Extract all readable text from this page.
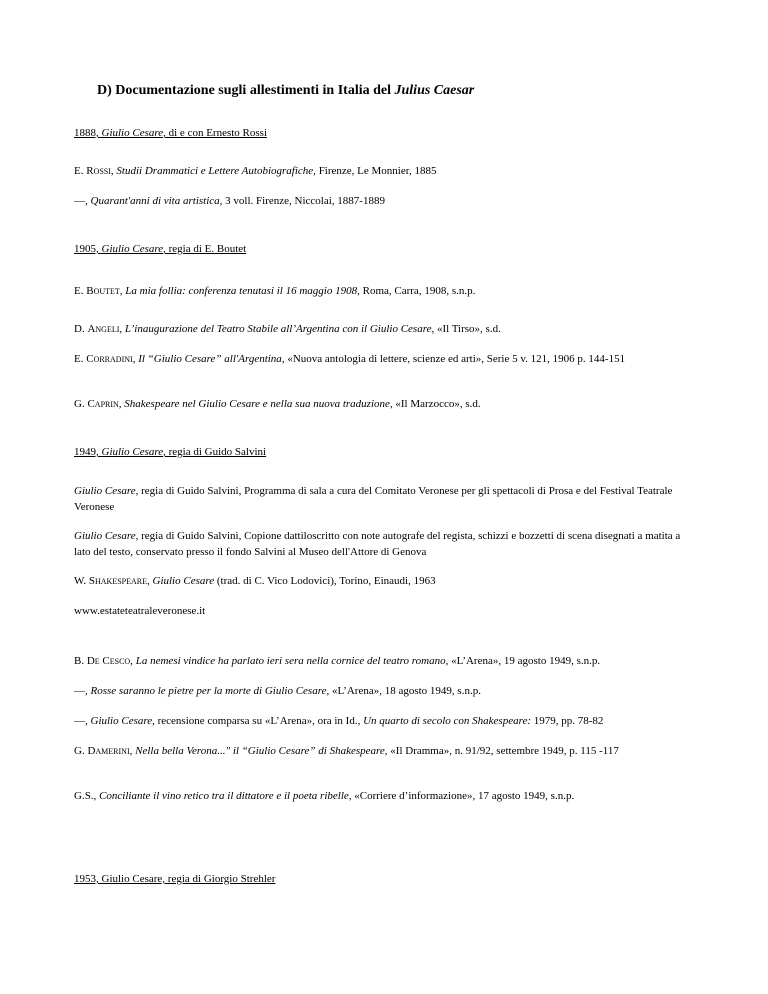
D) Documentazione sugli allestimenti in Italia del Julius Caesar
1888, Giulio Cesare, di e con Ernesto Rossi
E. Rossi, Studii Drammatici e Lettere Autobiografiche, Firenze, Le Monnier, 1885
—, Quarant'anni di vita artistica, 3 voll. Firenze, Niccolai, 1887-1889
1905, Giulio Cesare, regia di E. Boutet
E. Boutet, La mia follia: conferenza tenutasi il 16 maggio 1908, Roma, Carra, 1908, s.n.p.
D. Angeli, L’inaugurazione del Teatro Stabile all’Argentina con il Giulio Cesare, «Il Tirso», s.d.
E. Corradini, Il “Giulio Cesare” all'Argentina, «Nuova antologia di lettere, scienze ed arti», Serie 5 v. 121, 1906 p. 144-151
G. Caprin, Shakespeare nel Giulio Cesare e nella sua nuova traduzione, «Il Marzocco», s.d.
1949, Giulio Cesare, regia di Guido Salvini
Giulio Cesare, regia di Guido Salvini, Programma di sala a cura del Comitato Veronese per gli spettacoli di Prosa e del Festival Teatrale Veronese
Giulio Cesare, regia di Guido Salvini, Copione dattiloscritto con note autografe del regista, schizzi e bozzetti di scena disegnati a matita a lato del testo, conservato presso il fondo Salvini al Museo dell'Attore di Genova
W. Shakespeare, Giulio Cesare (trad. di C. Vico Lodovici), Torino, Einaudi, 1963
www.estateteatraleveronese.it
B. De Cesco, La nemesi vindice ha parlato ieri sera nella cornice del teatro romano, «L’Arena», 19 agosto 1949, s.n.p.
—, Rosse saranno le pietre per la morte di Giulio Cesare, «L’Arena», 18 agosto 1949, s.n.p.
—, Giulio Cesare, recensione comparsa su «L’Arena», ora in Id., Un quarto di secolo con Shakespeare: 1979, pp. 78-82
G. Damerini, Nella bella Verona..." il “Giulio Cesare” di Shakespeare, «Il Dramma», n. 91/92, settembre 1949, p. 115 -117
G.S., Conciliante il vino retico tra il dittatore e il poeta ribelle, «Corriere d’informazione», 17 agosto 1949, s.n.p.
1953, Giulio Cesare, regia di Giorgio Strehler
